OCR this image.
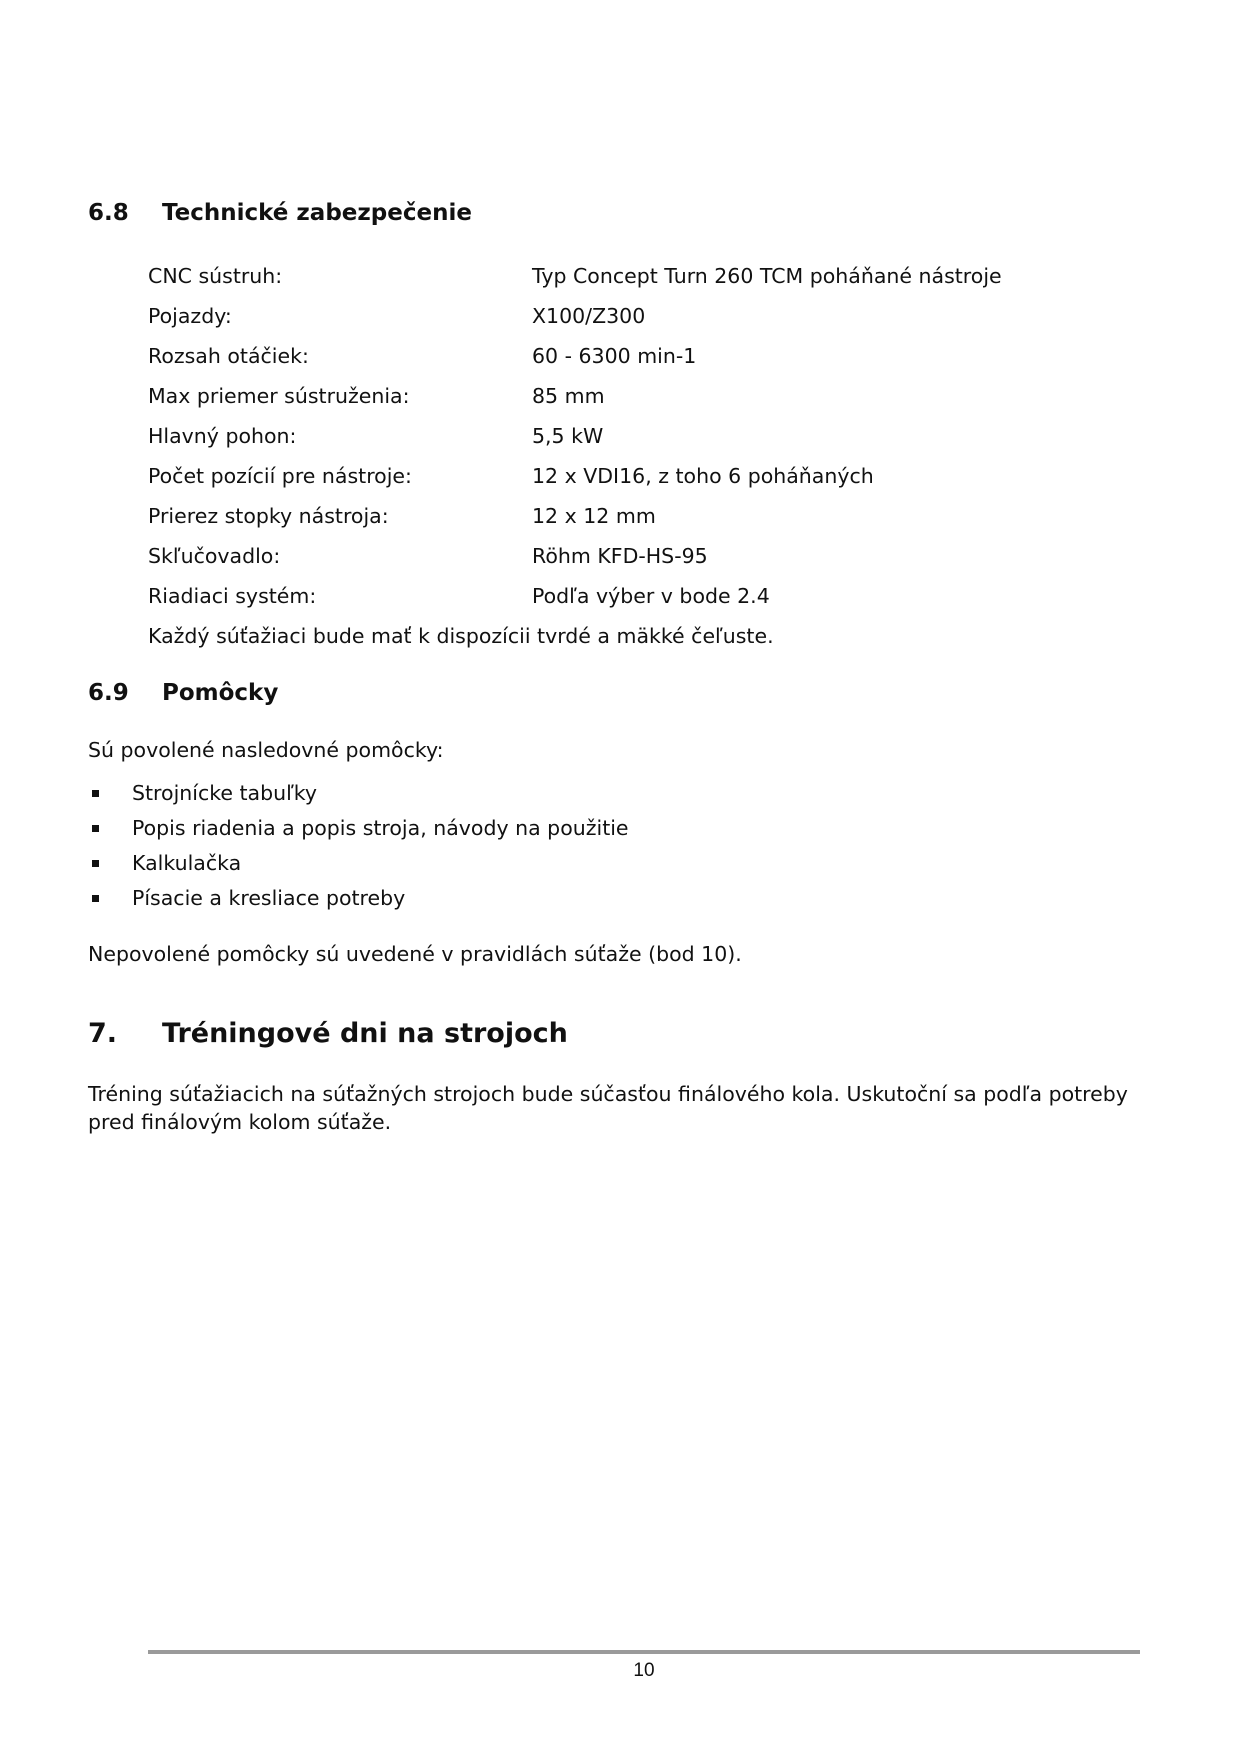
6.8 Technické zabezpečenie
CNC sústruh:	Typ Concept Turn 260 TCM poháňané nástroje
Pojazdy:	X100/Z300
Rozsah otáčiek:	60 - 6300 min-1
Max priemer sústruženia:	85 mm
Hlavný pohon:	5,5 kW
Počet pozícií pre nástroje:	12 x VDI16, z toho 6 poháňaných
Prierez stopky nástroja:	12 x 12 mm
Skľučovadlo:	Röhm KFD-HS-95
Riadiaci systém:	Podľa výber v bode 2.4
Každý súťažiaci bude mať k dispozícii tvrdé a mäkké čeľuste.
6.9 Pomôcky
Sú povolené nasledovné pomôcky:
Strojnícke tabuľky
Popis riadenia a popis stroja, návody na použitie
Kalkulačka
Písacie a kresliace potreby
Nepovolené pomôcky sú uvedené v pravidlách súťaže (bod 10).
7. Tréningové dni na strojoch
Tréning súťažiacich na súťažných strojoch bude súčasťou finálového kola. Uskutoční sa podľa potreby
pred finálovým kolom súťaže.
10
